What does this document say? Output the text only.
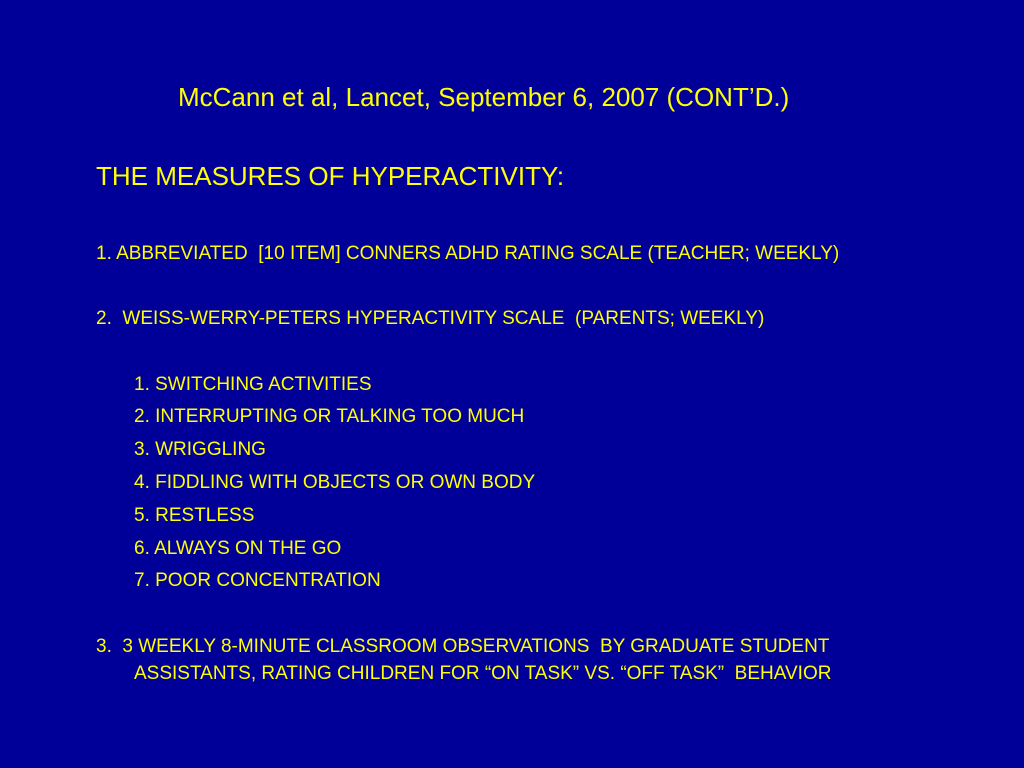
McCann et al, Lancet, September 6, 2007 (CONT’D.)
THE MEASURES OF HYPERACTIVITY:
1. ABBREVIATED  [10 ITEM] CONNERS ADHD RATING SCALE (TEACHER; WEEKLY)
2.  WEISS-WERRY-PETERS HYPERACTIVITY SCALE  (PARENTS; WEEKLY)
1. SWITCHING ACTIVITIES
2. INTERRUPTING OR TALKING TOO MUCH
3. WRIGGLING
4. FIDDLING WITH OBJECTS OR OWN BODY
5. RESTLESS
6. ALWAYS ON THE GO
7. POOR CONCENTRATION
3.  3 WEEKLY 8-MINUTE CLASSROOM OBSERVATIONS  BY GRADUATE STUDENT
ASSISTANTS, RATING CHILDREN FOR “ON TASK” VS. “OFF TASK”  BEHAVIOR
